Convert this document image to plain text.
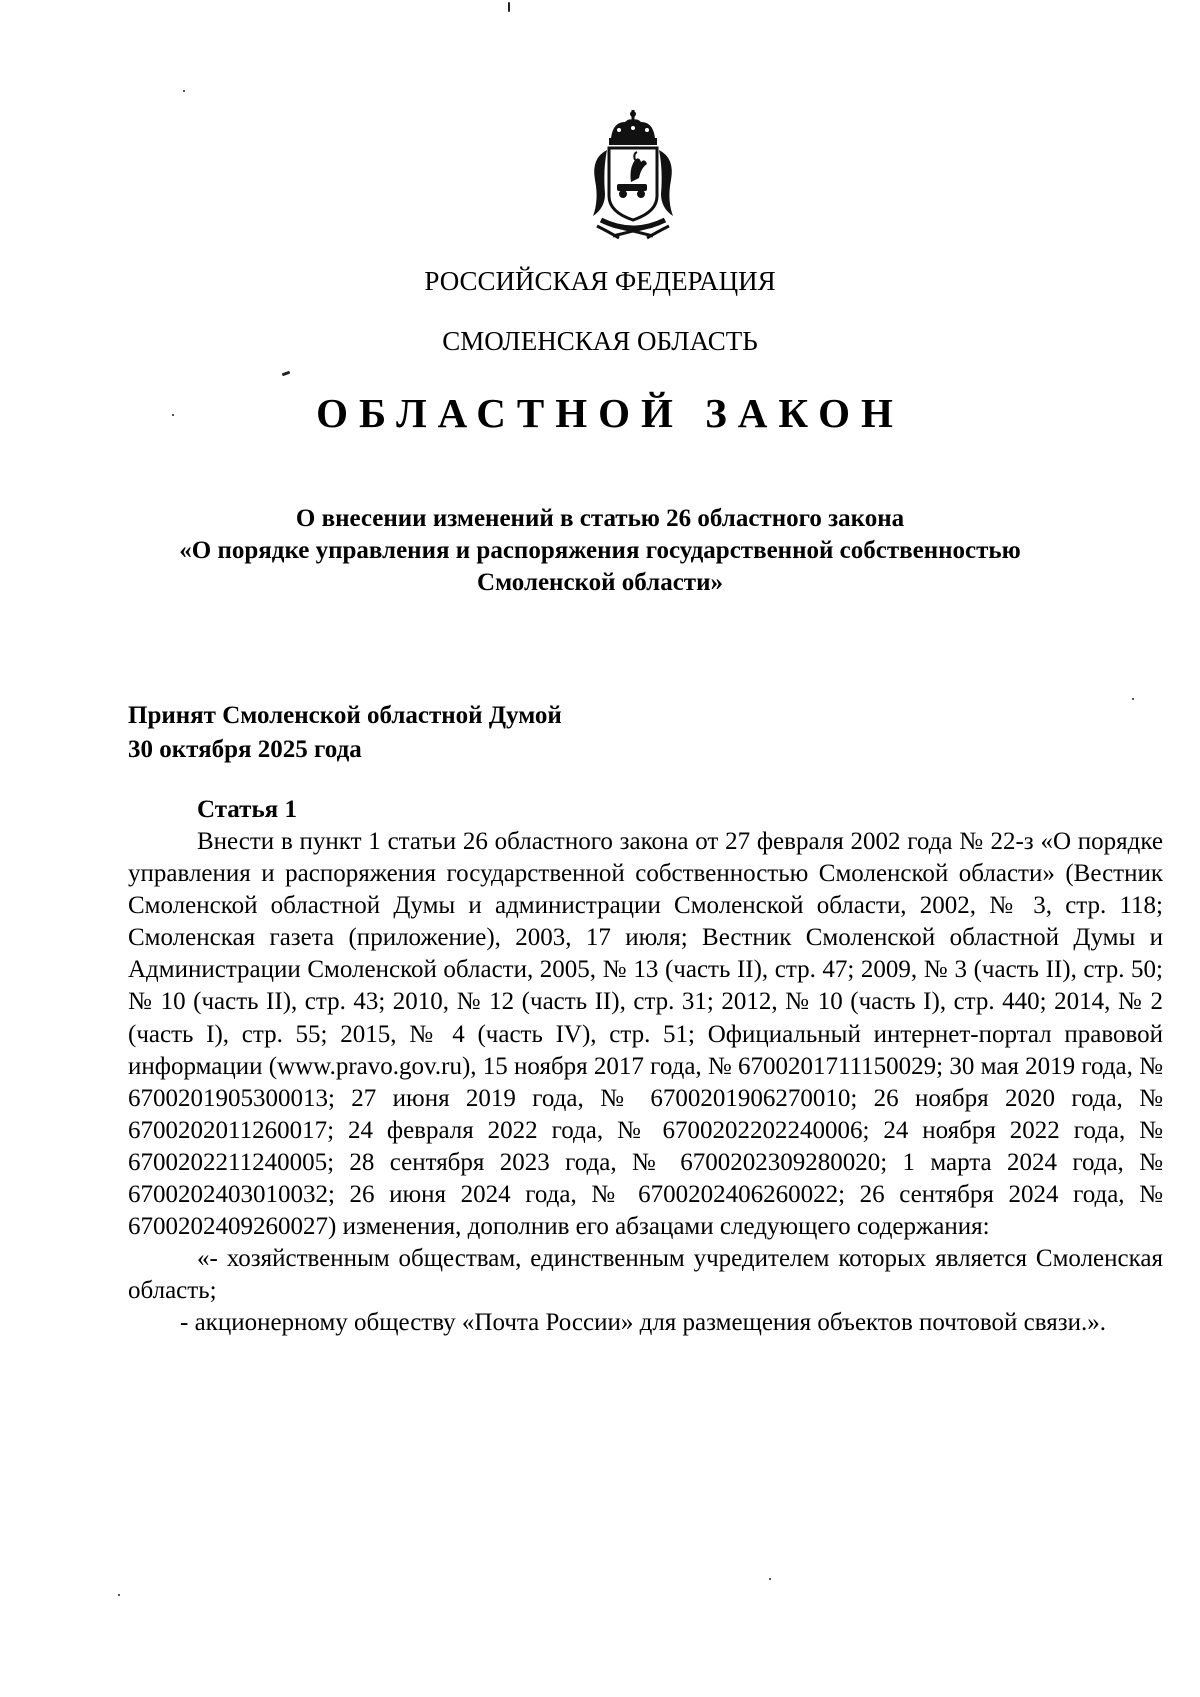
РОССИЙСКАЯ ФЕДЕРАЦИЯ
СМОЛЕНСКАЯ ОБЛАСТЬ
ОБЛАСТНОЙ ЗАКОН
О внесении изменений в статью 26 областного закона
«О порядке управления и распоряжения государственной собственностью
Смоленской области»
Принят Смоленской областной Думой
30 октября 2025 года
Статья 1

Внести в пункт 1 статьи 26 областного закона от 27 февраля 2002 года № 22-з «О порядке управления и распоряжения государственной собственностью Смоленской области» (Вестник Смоленской областной Думы и администрации Смоленской области, 2002, № 3, стр. 118; Смоленская газета (приложение), 2003, 17 июля; Вестник Смоленской областной Думы и Администрации Смоленской области, 2005, № 13 (часть II), стр. 47; 2009, № 3 (часть II), стр. 50; № 10 (часть II), стр. 43; 2010, № 12 (часть II), стр. 31; 2012, № 10 (часть I), стр. 440; 2014, № 2 (часть I), стр. 55; 2015, № 4 (часть IV), стр. 51; Официальный интернет-портал правовой информации (www.pravo.gov.ru), 15 ноября 2017 года, № 6700201711150029; 30 мая 2019 года, № 6700201905300013; 27 июня 2019 года, № 6700201906270010; 26 ноября 2020 года, № 6700202011260017; 24 февраля 2022 года, № 6700202202240006; 24 ноября 2022 года, № 6700202211240005; 28 сентября 2023 года, № 6700202309280020; 1 марта 2024 года, № 6700202403010032; 26 июня 2024 года, № 6700202406260022; 26 сентября 2024 года, № 6700202409260027) изменения, дополнив его абзацами следующего содержания:

«- хозяйственным обществам, единственным учредителем которых является Смоленская область;

- акционерному обществу «Почта России» для размещения объектов почтовой связи.».
